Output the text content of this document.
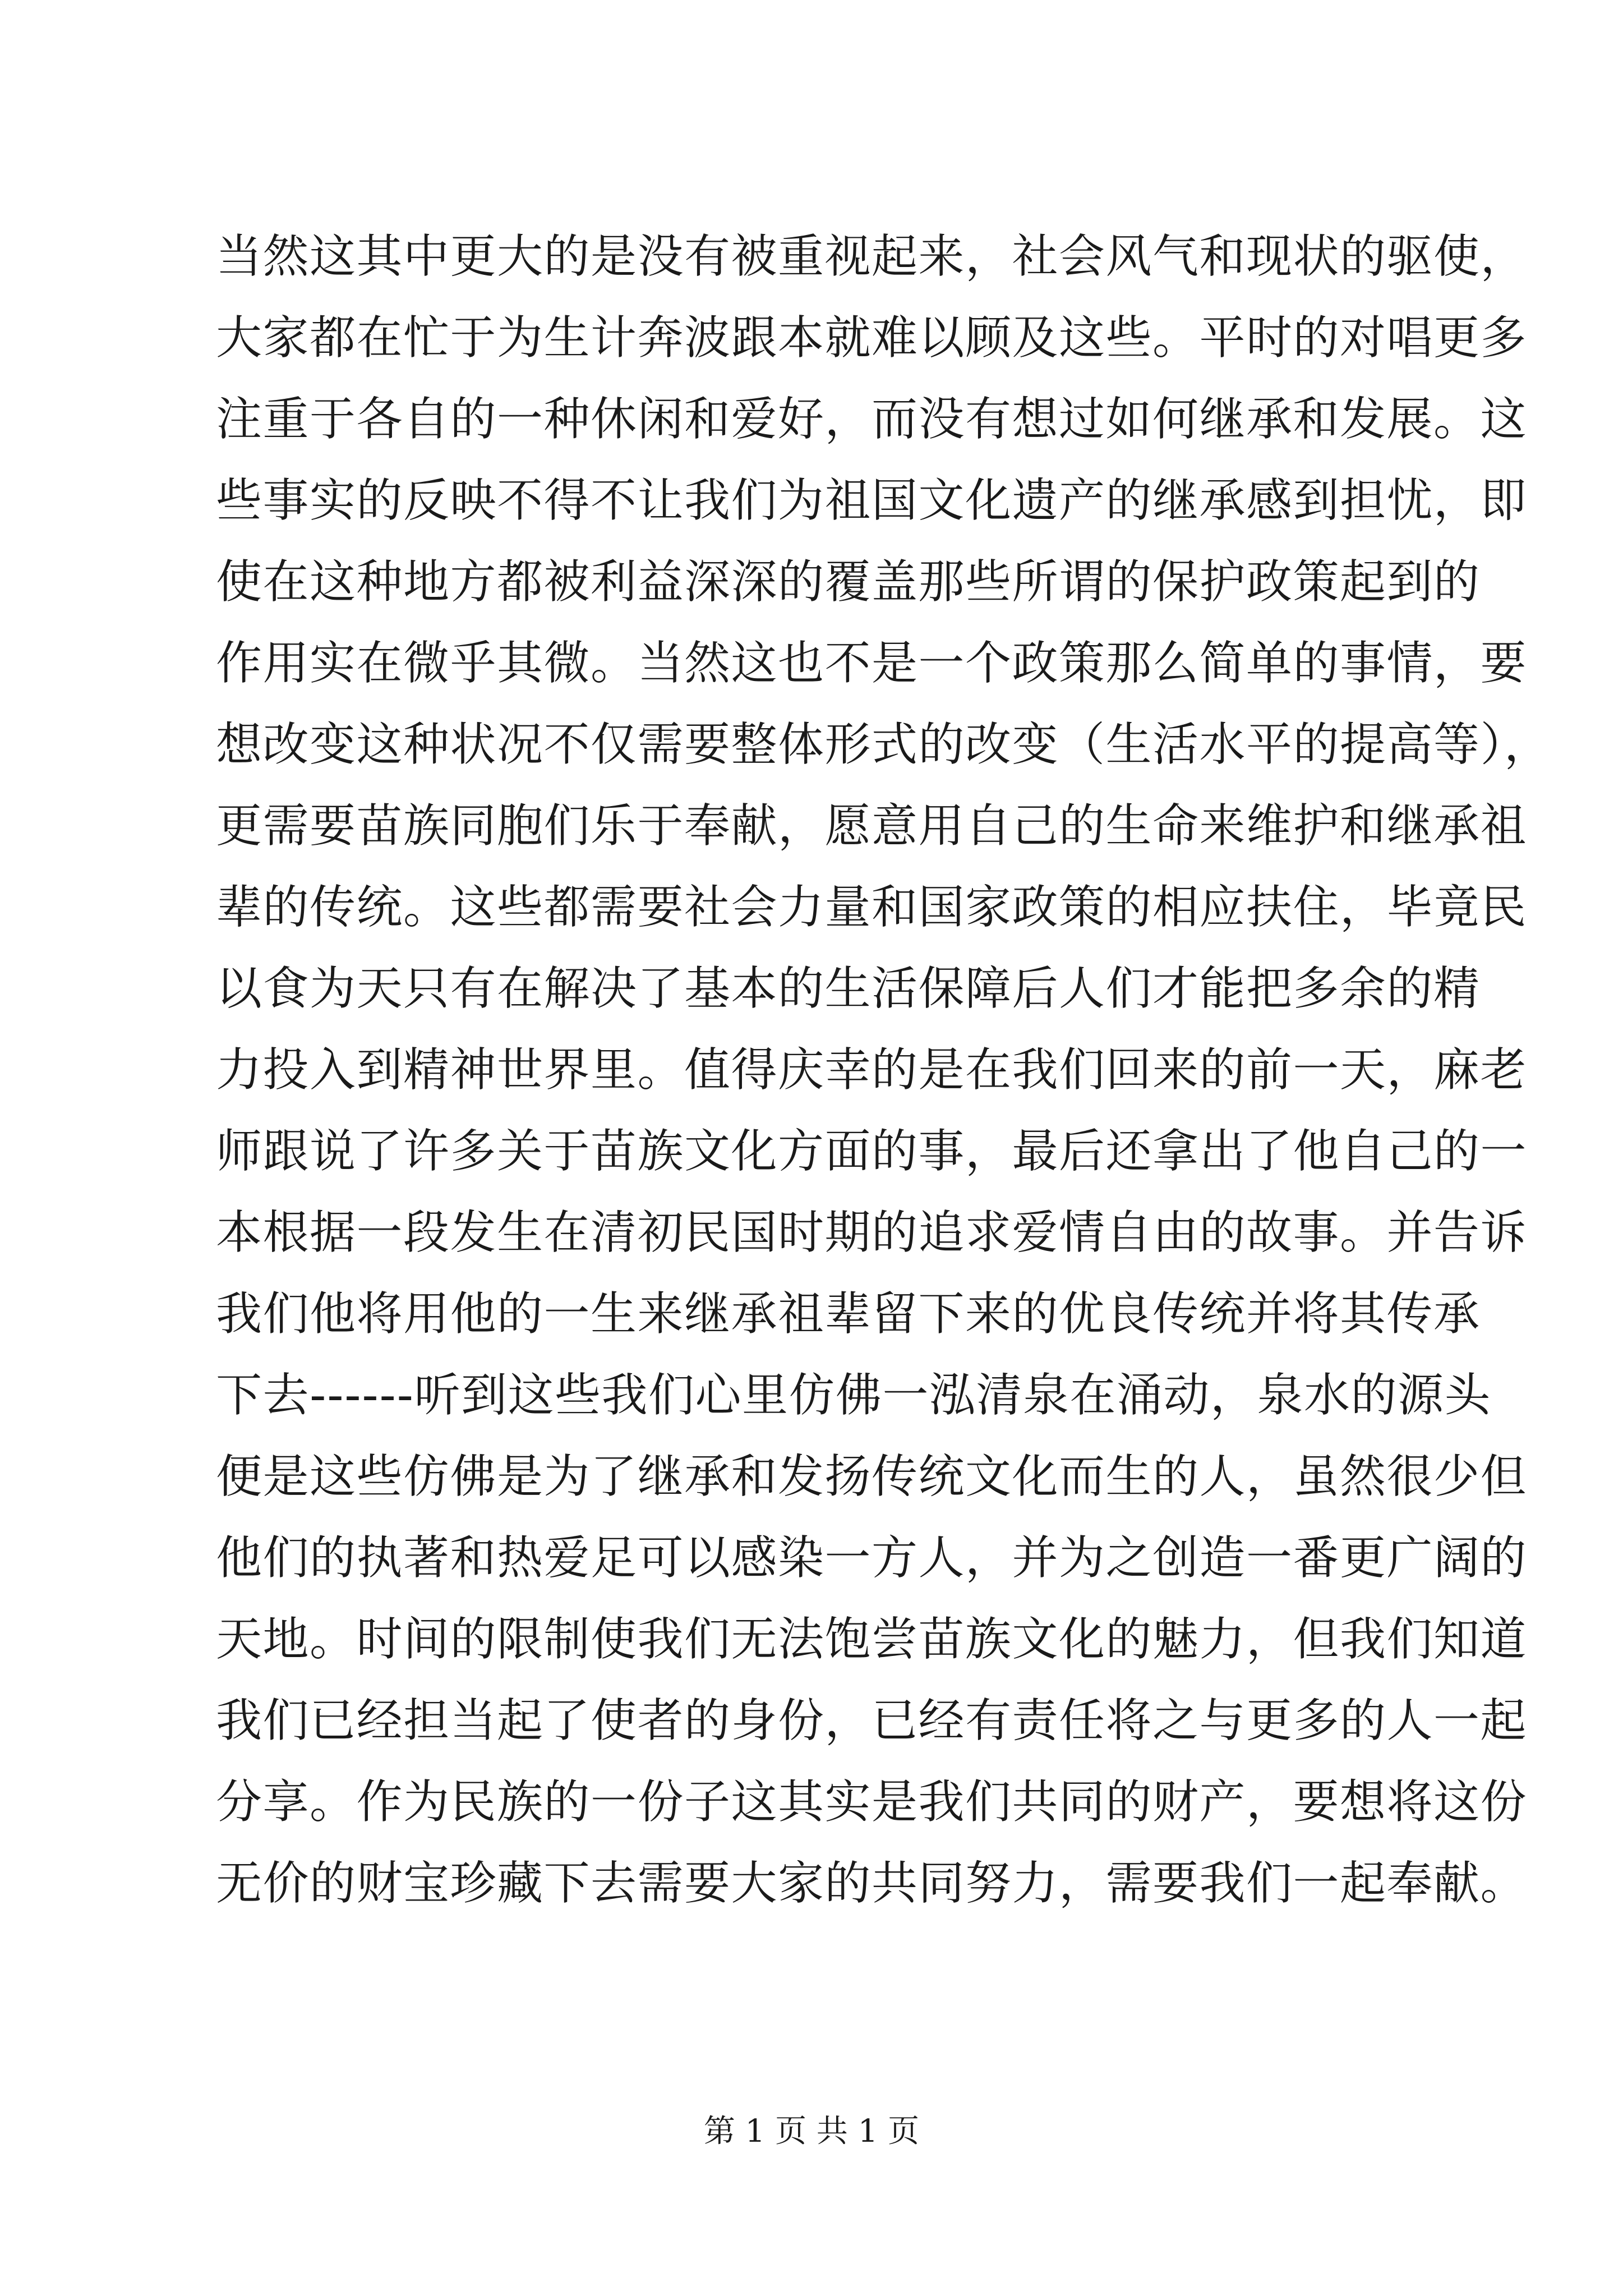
当然这其中更大的是没有被重视起来，社会风气和现状的驱使，
大家都在忙于为生计奔波跟本就难以顾及这些。平时的对唱更多
注重于各自的一种休闲和爱好，而没有想过如何继承和发展。这
些事实的反映不得不让我们为祖国文化遗产的继承感到担忧，即
使在这种地方都被利益深深的覆盖那些所谓的保护政策起到的
作用实在微乎其微。当然这也不是一个政策那么简单的事情，要
想改变这种状况不仅需要整体形式的改变（生活水平的提高等），
更需要苗族同胞们乐于奉献，愿意用自己的生命来维护和继承祖
辈的传统。这些都需要社会力量和国家政策的相应扶住，毕竟民
以食为天只有在解决了基本的生活保障后人们才能把多余的精
力投入到精神世界里。值得庆幸的是在我们回来的前一天，麻老
师跟说了许多关于苗族文化方面的事，最后还拿出了他自己的一
本根据一段发生在清初民国时期的追求爱情自由的故事。并告诉
我们他将用他的一生来继承祖辈留下来的优良传统并将其传承
下去------听到这些我们心里仿佛一泓清泉在涌动，泉水的源头
便是这些仿佛是为了继承和发扬传统文化而生的人，虽然很少但
他们的执著和热爱足可以感染一方人，并为之创造一番更广阔的
天地。时间的限制使我们无法饱尝苗族文化的魅力，但我们知道
我们已经担当起了使者的身份，已经有责任将之与更多的人一起
分享。作为民族的一份子这其实是我们共同的财产，要想将这份
无价的财宝珍藏下去需要大家的共同努力，需要我们一起奉献。
第 1 页 共 1 页
